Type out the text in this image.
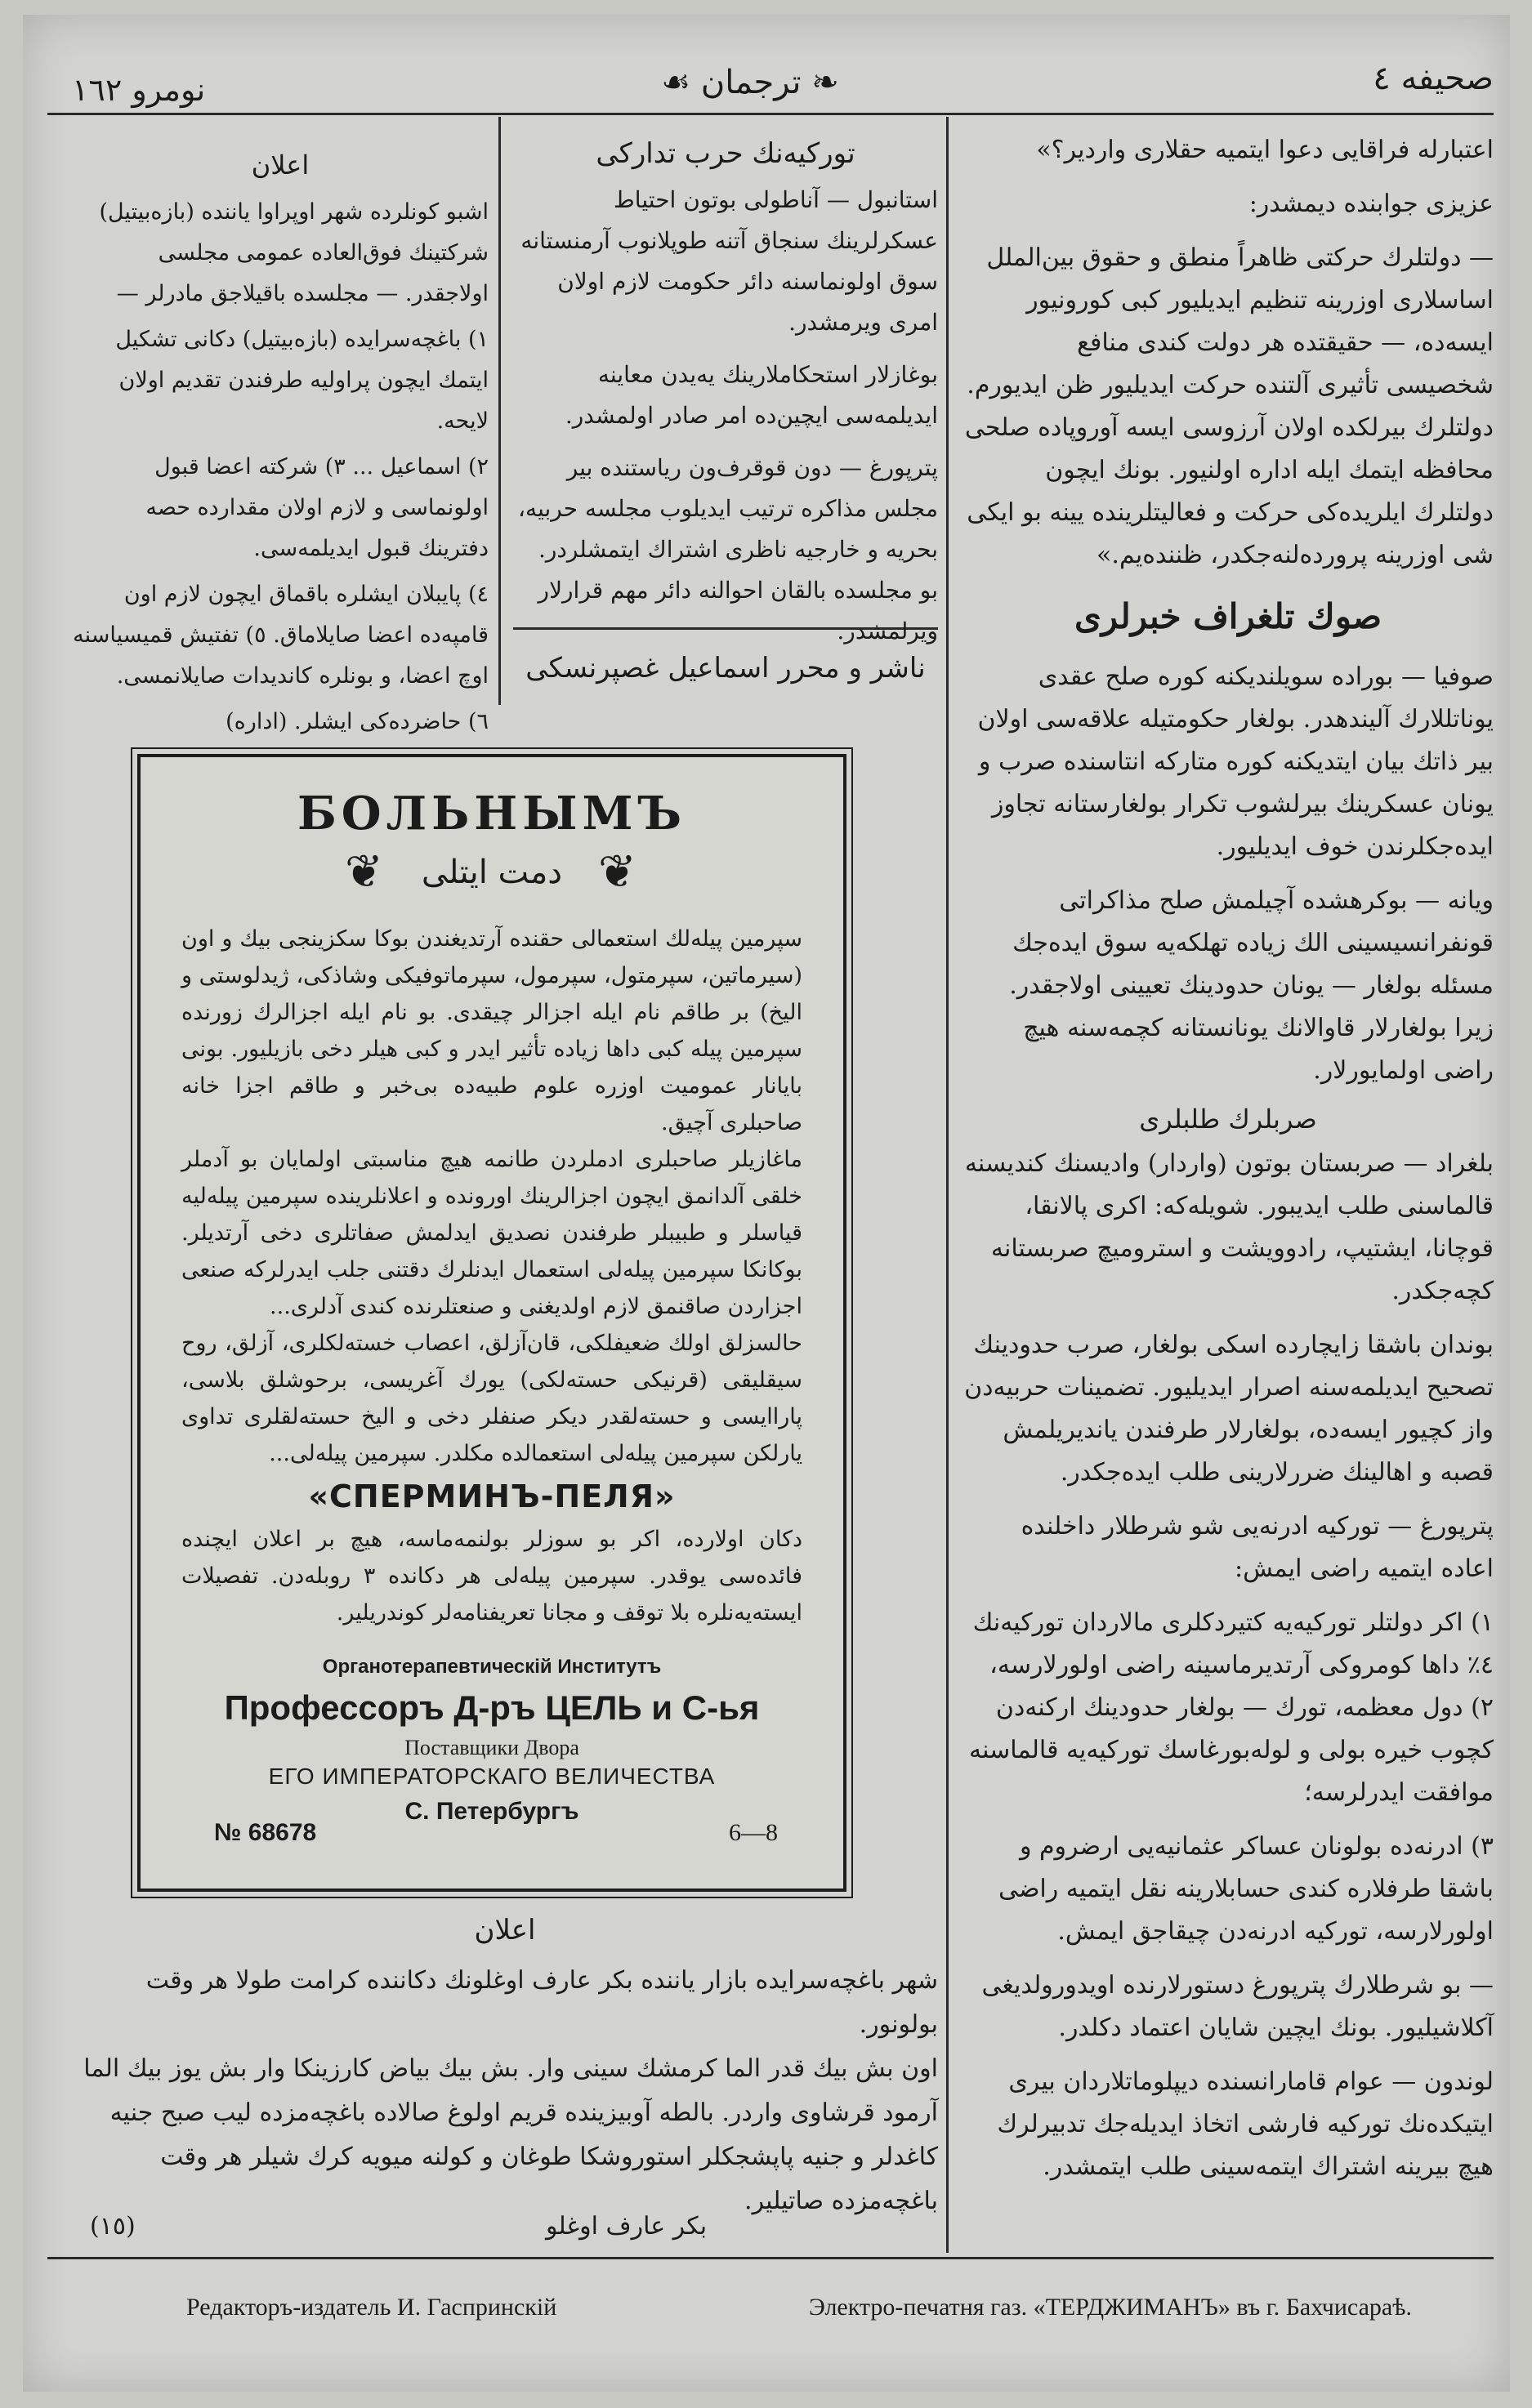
نومرو ١٦٢	❧ ترجمان ☙	صحیفه ٤

اعتبارله فراقایی دعوا ایتمیه حقلاری واردیر؟»

عزیزی جوابنده دیمشدر:

— دولتلرك حرکتی ظاهراً منطق و حقوق بین‌الملل اساسلاری اوزرینه تنظیم ایدیلیور کبی کورونیور ایسه‌ده، — حقیقتده هر دولت کندی منافع شخصیسی تأثیری آلتنده حرکت ایدیلیور ظن ایدیورم. دولتلرك بیرلکده اولان آرزوسی ایسه آوروپاده صلحی محافظه ایتمك ایله اداره اولنیور. بونك ایچون دولتلرك ایلریده‌کی حرکت و فعالیتلرینده یینه بو ایکی شی اوزرینه پرورده‌لنه‌جکدر، ظننده‌یم.»

صوك تلغراف خبرلری

صوفیا — بوراده سویلندیکنه کوره صلح عقدی یوناتللارك آلیندهدر. بولغار حکومتیله علاقه‌سی اولان بیر ذاتك بیان ایتدیکنه کوره متارکه انتاسنده صرب و یونان عسکرینك بیرلشوب تکرار بولغارستانه تجاوز ایده‌جکلرندن خوف ایدیلیور.

ویانه — بوکرهشده آچیلمش صلح مذاکراتی قونفرانسیسینی الك زیاده تهلکه‌یه سوق ایده‌جك مسئله بولغار — یونان حدودینك تعیینی اولاجقدر. زیرا بولغارلار قاوالانك یونانستانه کچمه‌سنه هیچ راضی اولمایورلار.

صربلرك طلبلری

بلغراد — صربستان بوتون (واردار) وادیسنك کندیسنه قالماسنی طلب ایدیبور. شویله‌که: اکری پالانقا، قوچانا، ایشتیپ، رادوویشت و استرومیچ صربستانه کچه‌جکدر.

بوندان باشقا زایچارده اسکی بولغار، صرب حدودینك تصحیح ایدیلمه‌سنه اصرار ایدیلیور. تضمینات حربیه‌دن واز کچیور ایسه‌ده، بولغارلار طرفندن یاندیریلمش قصبه و اهالینك ضررلارینی طلب ایده‌جکدر.

پترپورغ — تورکیه ادرنه‌یی شو شرطلار داخلنده اعاده ایتمیه راضی ایمش:

١) اکر دولتلر تورکیه‌یه کتیردکلری مالاردان تورکیه‌نك ٤٪ داها کومروکی آرتدیرماسینه راضی اولورلارسه، ٢) دول معظمه، تورك — بولغار حدودینك ارکنه‌دن کچوب خیره بولی و لوله‌بورغاسك تورکیه‌یه قالماسنه موافقت ایدرلرسه؛

٣) ادرنه‌ده بولونان عساکر عثمانیه‌یی ارضروم و باشقا طرفلاره کندی حسابلارینه نقل ایتمیه راضی اولورلارسه، تورکیه ادرنه‌دن چیقاجق ایمش.

— بو شرطلارك پترپورغ دستورلارنده اویدورولدیغی آکلاشیلیور. بونك ایچین شایان اعتماد دکلدر.

لوندون — عوام قامارانسنده دیپلوماتلاردان بیری ایتیکده‌نك تورکیه فارشی اتخاذ ایدیله‌جك تدبیرلرك هیچ بیرینه اشتراك ایتمه‌سینی طلب ایتمشدر.

تورکیه‌نك حرب تدارکی

استانبول — آناطولی بوتون احتیاط عسکرلرینك سنجاق آتنه طوپلانوب آرمنستانه سوق اولونماسنه دائر حکومت لازم اولان امری ویرمشدر.

بوغازلار استحکاملارینك یه‌یدن معاینه ایدیلمه‌سی ایچین‌ده امر صادر اولمشدر.

پترپورغ — دون قوقرف‌ون ریاستنده بیر مجلس مذاکره ترتیب ایدیلوب مجلسه حربیه، بحریه و خارجیه ناظری اشتراك ایتمشلردر. بو مجلسده بالقان احوالنه دائر مهم قرارلار ویرلمشدر.

ناشر و محرر اسماعیل غصپرنسکی
اعلان

اشبو کونلرده شهر اوپراوا یاننده (بازه‌بیتیل) شرکتینك فوق‌العاده عمومی مجلسی اولاجقدر. — مجلسده باقیلاجق مادرلر —

١) باغچه‌سرایده (بازه‌بیتیل) دکانی تشکیل ایتمك ایچون پراولیه طرفندن تقدیم اولان لایحه.

٢) اسماعیل ... ٣) شرکته اعضا قبول اولونماسی و لازم اولان مقدارده حصه دفترینك قبول ایدیلمه‌سی.

٤) پایبلان ایشلره باقماق ایچون لازم اون قامپه‌ده اعضا صایلاماق. ٥) تفتیش قمیسیاسنه اوچ اعضا، و بونلره کاندیدات صایلانمسی.

٦) حاضرده‌کی ایشلر. (اداره)

БОЛЬНЫМЪ
❦	دمت ایتلی ❦

سپرمین پیله‌لك استعمالی حقنده آرتدیغندن بوکا سکزینجی بیك و اون (سیرماتین، سپرمتول، سپرمول، سپرماتوفیکی وشاذکی، ژیدلوستی و الیخ) بر طاقم نام ایله اجزالر چیقدی. بو نام ایله اجزالرك زورنده سپرمین پیله کبی داها زیاده تأثیر ایدر و کبی هیلر دخی بازیلیور. بونی بایانار عمومیت اوزره علوم طبیه‌ده بی‌خبر و طاقم اجزا خانه صاحبلری آچیق.

ماغازیلر صاحبلری ادملردن طانمه هیچ مناسبتی اولمایان بو آدملر خلقی آلدانمق ایچون اجزالرینك اورونده و اعلانلرینده سپرمین پیله‌لیه قیاسلر و طبیبلر طرفندن نصدیق ایدلمش صفاتلری دخی آرتدیلر. بوکانکا سپرمین پیله‌لی استعمال ایدنلرك دقتنی جلب ایدرلرکه صنعی اجزاردن صاقنمق لازم اولدیغنی و صنعتلرنده کندی آدلری...

حالسزلق اولك ضعیفلکی، قان‌آزلق، اعصاب خسته‌لکلری، آزلق، روح سیقلیقی (قرنیکی حسته‌لکی) یورك آغریسی، برحوشلق بلاسی، پاراایسی و حسته‌لقدر دیکر صنفلر دخی و الیخ حسته‌لقلری تداوی یارلکن سپرمین پیله‌لی استعمالده مکلدر. سپرمین پیله‌لی...

«СПЕРМИНЪ-ПЕЛЯ»

دکان اولارده، اکر بو سوزلر بولنمه‌ماسه، هیچ بر اعلان ایچنده فائده‌سی یوقدر. سپرمین پیله‌لی هر دکانده ٣ روبله‌دن. تفصیلات ایسته‌یه‌نلره بلا توقف و مجانا تعریفنامه‌لر کوندریلیر.

Органотерапевтическiй Институтъ
Профессоръ Д-ръ ЦЕЛЬ и С-ья
Поставщики Двора
ЕГО ИМПЕРАТОРСКАГО ВЕЛИЧЕСТВА
С. Петербургъ
№ 68678	6—8
اعلان

شهر باغچه‌سرایده بازار یاننده بکر عارف اوغلونك دکاننده کرامت طولا هر وقت بولونور.

اون بش بیك قدر الما کرمشك سینی وار. بش بیك بیاض کارزینکا وار بش یوز بیك الما آرمود قرشاوی واردر. بالطه آوبیزینده قریم اولوغ صالاده باغچه‌مزده لیب صبح جنیه کاغدلر و جنیه پاپشجکلر استوروشکا طوغان و کولنه میویه کرك شیلر هر وقت باغچه‌مزده صاتیلیر.

(١٥)	بکر عارف اوغلو
Редакторъ-издатель И. Гаспринскiй	Электро-печатня газ. «ТЕРДЖИМАНЪ» въ г. Бахчисараѣ.
